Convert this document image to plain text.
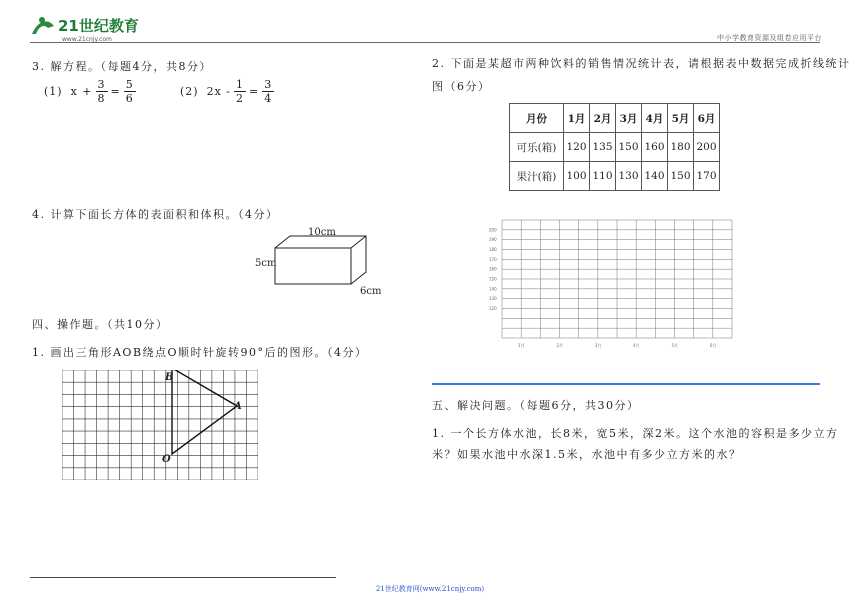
21世纪教育
www.21cnjy.com	中小学教育资源及组卷应用平台
3. 解方程。（每题4分，共8分）
(1) $x + \frac{3}{8} = \frac{5}{6}$	(2) $2x - \frac{1}{2} = \frac{3}{4}$
4. 计算下面长方体的表面积和体积。（4分）
10cm
5cm
6cm
四、操作题。（共10分）
1. 画出三角形AOB绕点O顺时针旋转90°后的图形。（4分）
B
A
O
2. 下面是某超市两种饮料的销售情况统计表，请根据表中数据完成折线统计
图（6分）
月份	1月	2月	3月	4月	5月	6月
可乐(箱)	120	135	150	160	180	200
果汁(箱)	100	110	130	140	150	170
200
190
180
170
160
150
140
130
120
1月	2月	3月	4月	5月	6月
五、解决问题。（每题6分，共30分）
1. 一个长方体水池，长8米，宽5米，深2米。这个水池的容积是多少立方
米？如果水池中水深1.5米，水池中有多少立方米的水？
21世纪教育网(www.21cnjy.com)
